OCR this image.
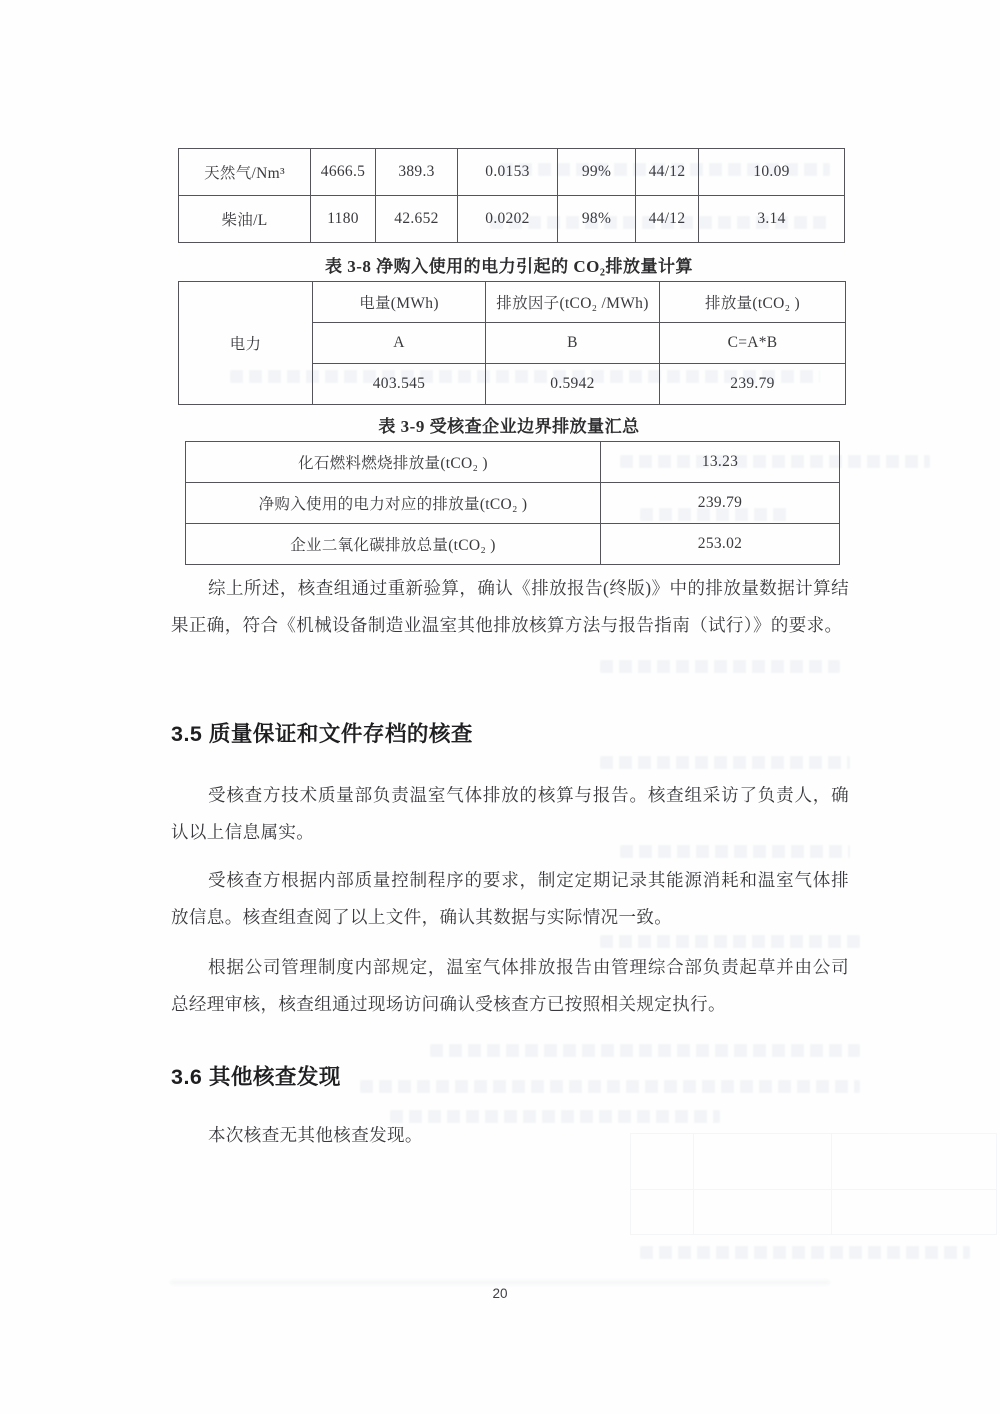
天然气/Nm³	4666.5	389.3	0.0153	99%	44/12	10.09
柴油/L	1180	42.652	0.0202	98%	44/12	3.14
表 3-8 净购入使用的电力引起的 CO₂排放量计算
电力	电量(MWh)	排放因子(tCO₂ /MWh)	排放量(tCO₂ )
	A	B	C=A*B
	403.545	0.5942	239.79
表 3-9 受核查企业边界排放量汇总
化石燃料燃烧排放量(tCO₂ )	13.23
净购入使用的电力对应的排放量(tCO₂ )	239.79
企业二氧化碳排放总量(tCO₂ )	253.02

综上所述，核查组通过重新验算，确认《排放报告(终版)》中的排放量数据计算结果正确，符合《机械设备制造业温室其他排放核算方法与报告指南（试行）》的要求。

3.5 质量保证和文件存档的核查

受核查方技术质量部负责温室气体排放的核算与报告。核查组采访了负责人，确认以上信息属实。

受核查方根据内部质量控制程序的要求，制定定期记录其能源消耗和温室气体排放信息。核查组查阅了以上文件，确认其数据与实际情况一致。

根据公司管理制度内部规定，温室气体排放报告由管理综合部负责起草并由公司总经理审核，核查组通过现场访问确认受核查方已按照相关规定执行。

3.6 其他核查发现

本次核查无其他核查发现。

20
